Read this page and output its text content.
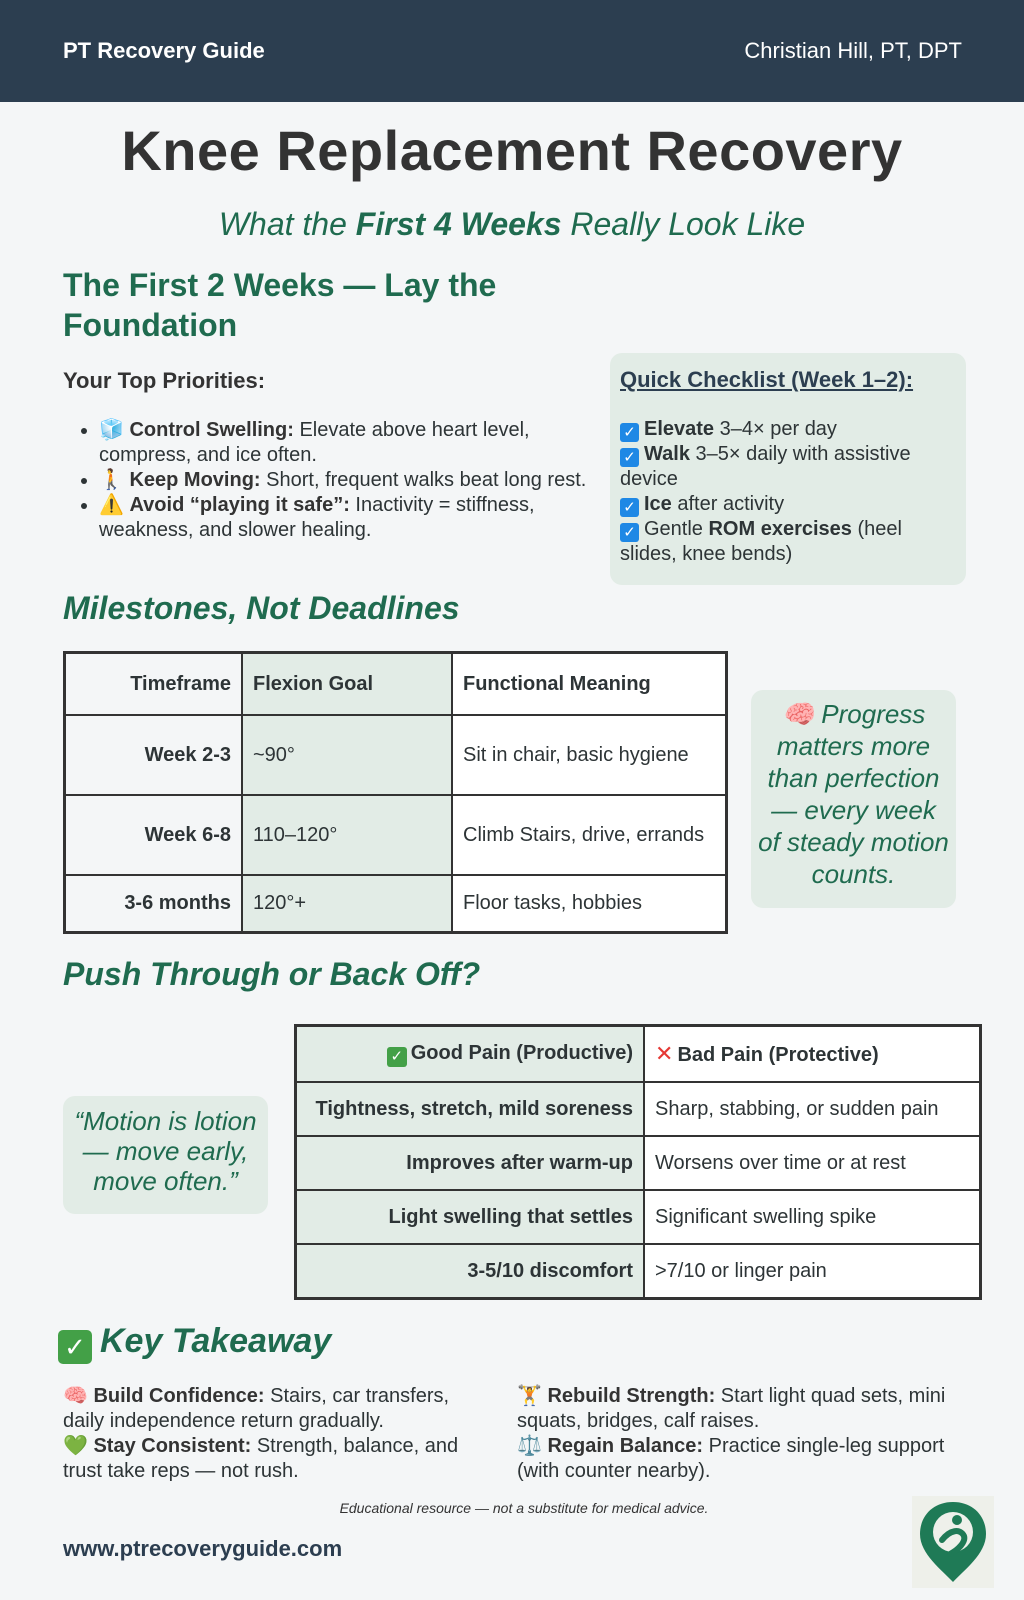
PT Recovery Guide	Christian Hill, PT, DPT
Knee Replacement Recovery
What the First 4 Weeks Really Look Like
The First 2 Weeks — Lay the Foundation
Your Top Priorities:
• 🧊 Control Swelling: Elevate above heart level, compress, and ice often.
• 🚶 Keep Moving: Short, frequent walks beat long rest.
• ⚠️ Avoid “playing it safe”: Inactivity = stiffness, weakness, and slower healing.
Quick Checklist (Week 1–2):
✓ Elevate 3–4× per day
✓ Walk 3–5× daily with assistive device
✓ Ice after activity
✓ Gentle ROM exercises (heel slides, knee bends)
Milestones, Not Deadlines
Timeframe	Flexion Goal	Functional Meaning
Week 2-3	~90°	Sit in chair, basic hygiene
Week 6-8	110–120°	Climb Stairs, drive, errands
3-6 months	120°+	Floor tasks, hobbies
🧠 Progress matters more than perfection — every week of steady motion counts.
Push Through or Back Off?
“Motion is lotion — move early, move often.”
✓ Good Pain (Productive)	✕ Bad Pain (Protective)
Tightness, stretch, mild soreness	Sharp, stabbing, or sudden pain
Improves after warm-up	Worsens over time or at rest
Light swelling that settles	Significant swelling spike
3-5/10 discomfort	>7/10 or linger pain
✓ Key Takeaway
🧠 Build Confidence: Stairs, car transfers, daily independence return gradually.
💚 Stay Consistent: Strength, balance, and trust take reps — not rush.
🏋 Rebuild Strength: Start light quad sets, mini squats, bridges, calf raises.
⚖️ Regain Balance: Practice single-leg support (with counter nearby).
Educational resource — not a substitute for medical advice.
www.ptrecoveryguide.com
